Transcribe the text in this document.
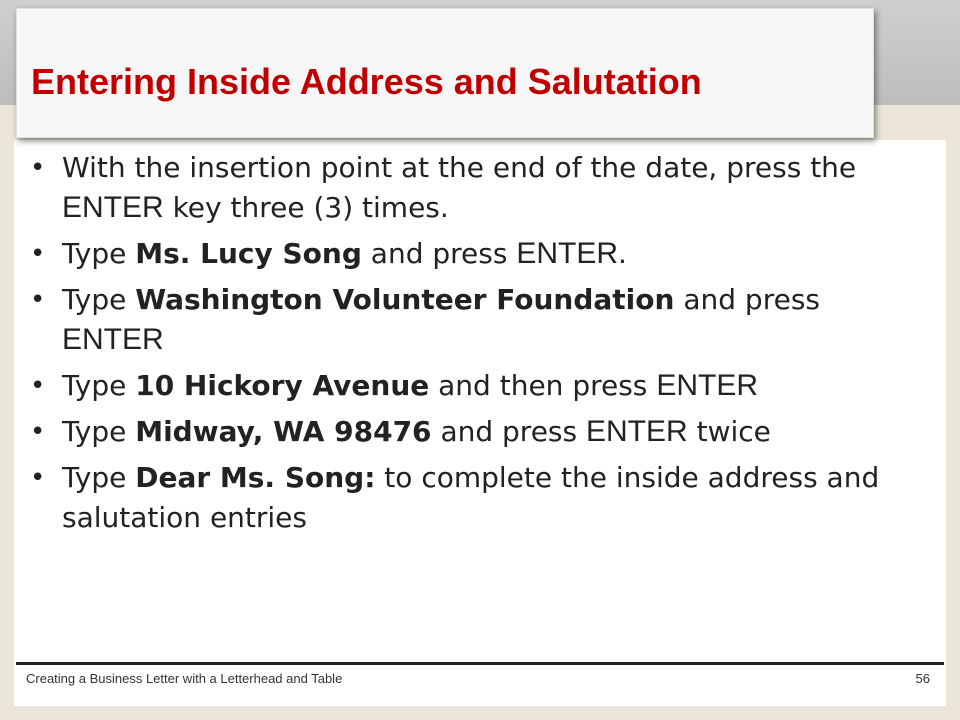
Entering Inside Address and Salutation
• With the insertion point at the end of the date, press the ENTER key three (3) times.
• Type Ms. Lucy Song and press ENTER.
• Type Washington Volunteer Foundation and press ENTER
• Type 10 Hickory Avenue and then press ENTER
• Type Midway, WA 98476 and press ENTER twice
• Type Dear Ms. Song: to complete the inside address and salutation entries
Creating a Business Letter with a Letterhead and Table	56
